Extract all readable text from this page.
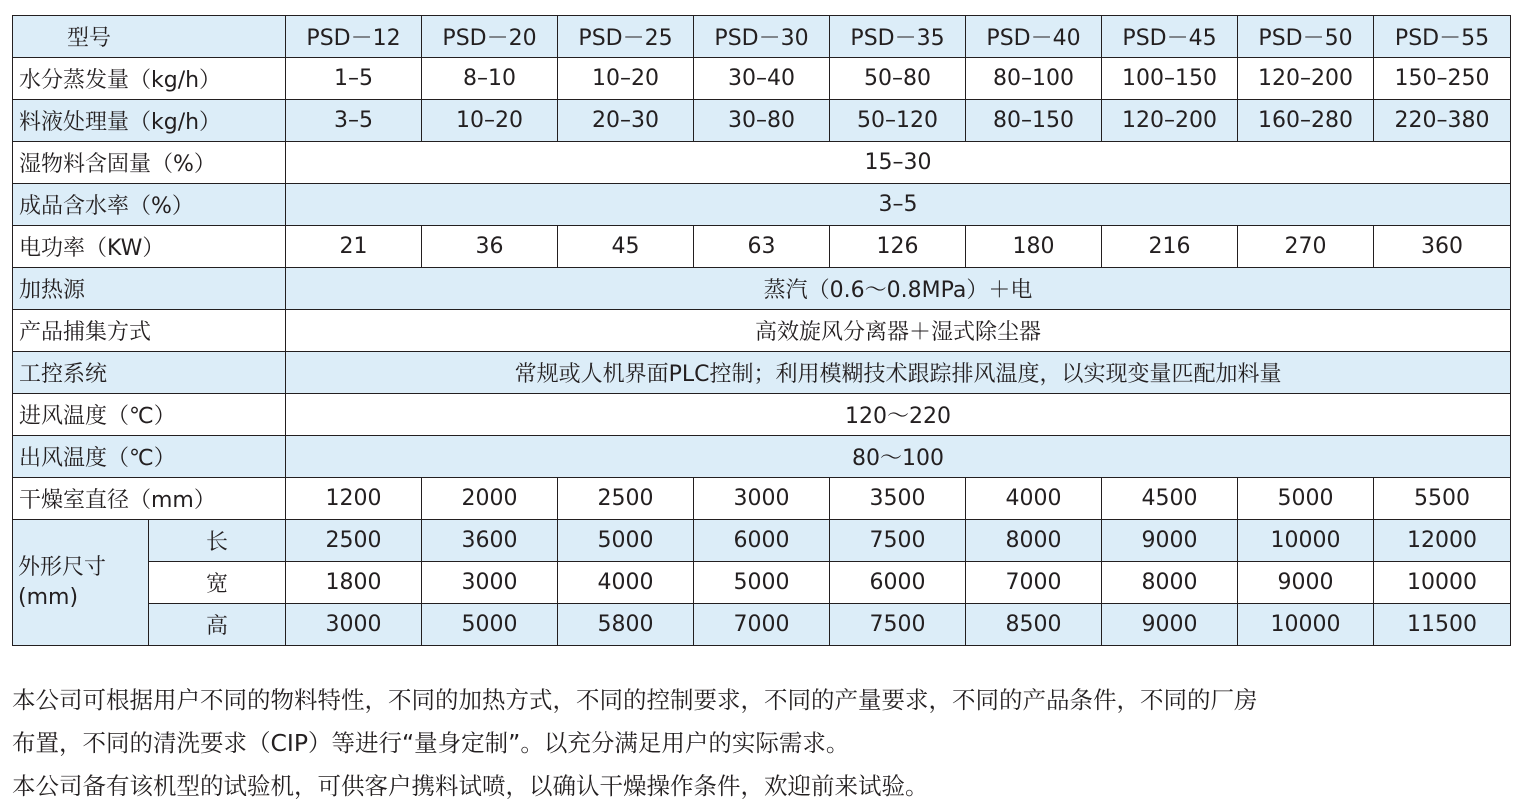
型号		PSD－12	PSD－20	PSD－25	PSD－30	PSD－35	PSD－40	PSD－45	PSD－50	PSD－55
水分蒸发量（kg/h）		1–5	8–10	10–20	30–40	50–80	80–100	100–150	120–200	150–250
料液处理量（kg/h）		3–5	10–20	20–30	30–80	50–120	80–150	120–200	160–280	220–380
湿物料含固量（%）		15–30								
成品含水率（%）		3–5								
电功率（KW）		21	36	45	63	126	180	216	270	360
加热源		蒸汽（0.6～0.8MPa）＋电								
产品捕集方式		高效旋风分离器＋湿式除尘器								
工控系统		常规或人机界面PLC控制；利用模糊技术跟踪排风温度，以实现变量匹配加料量								
进风温度（℃）		120～220								
出风温度（℃）		80～100								
干燥室直径（mm）		1200	2000	2500	3000	3500	4000	4500	5000	5500
外形尺寸
(mm)	长	2500	3600	5000	6000	7500	8000	9000	10000	12000
	宽	1800	3000	4000	5000	6000	7000	8000	9000	10000
	高	3000	5000	5800	7000	7500	8500	9000	10000	11500

本公司可根据用户不同的物料特性，不同的加热方式，不同的控制要求，不同的产量要求，不同的产品条件，不同的厂房

布置，不同的清洗要求（CIP）等进行“量身定制”。以充分满足用户的实际需求。

本公司备有该机型的试验机，可供客户携料试喷，以确认干燥操作条件，欢迎前来试验。
